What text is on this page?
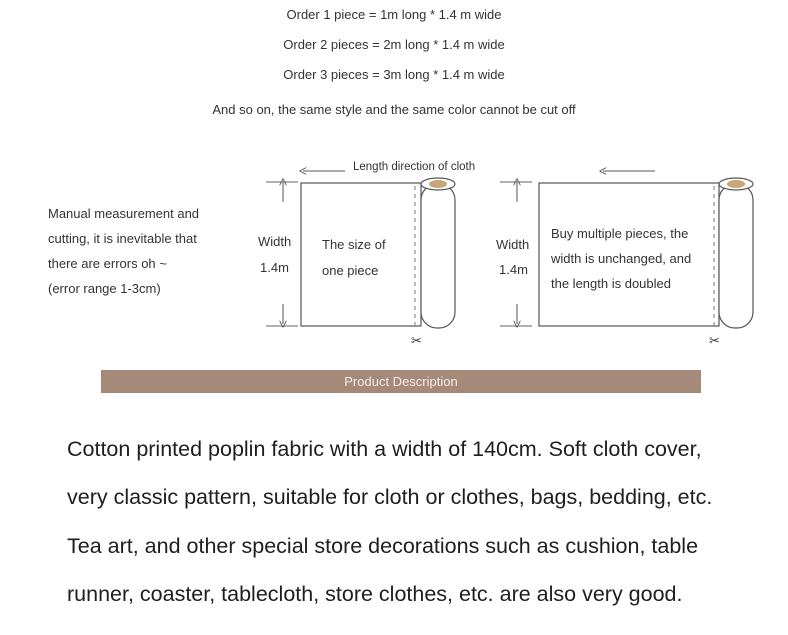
Order 1 piece = 1m long * 1.4 m wide
Order 2 pieces = 2m long * 1.4 m wide
Order 3 pieces = 3m long * 1.4 m wide
And so on, the same style and the same color cannot be cut off
Manual measurement and
cutting, it is inevitable that
there are errors oh ~
(error range 1-3cm)
Length direction of cloth
Width
1.4m
The size of
one piece
✂
Width
1.4m
Buy multiple pieces, the
width is unchanged, and
the length is doubled
✂
Product Description
Cotton printed poplin fabric with a width of 140cm. Soft cloth cover,
very classic pattern, suitable for cloth or clothes, bags, bedding, etc.
Tea art, and other special store decorations such as cushion, table
runner, coaster, tablecloth, store clothes, etc. are also very good.
